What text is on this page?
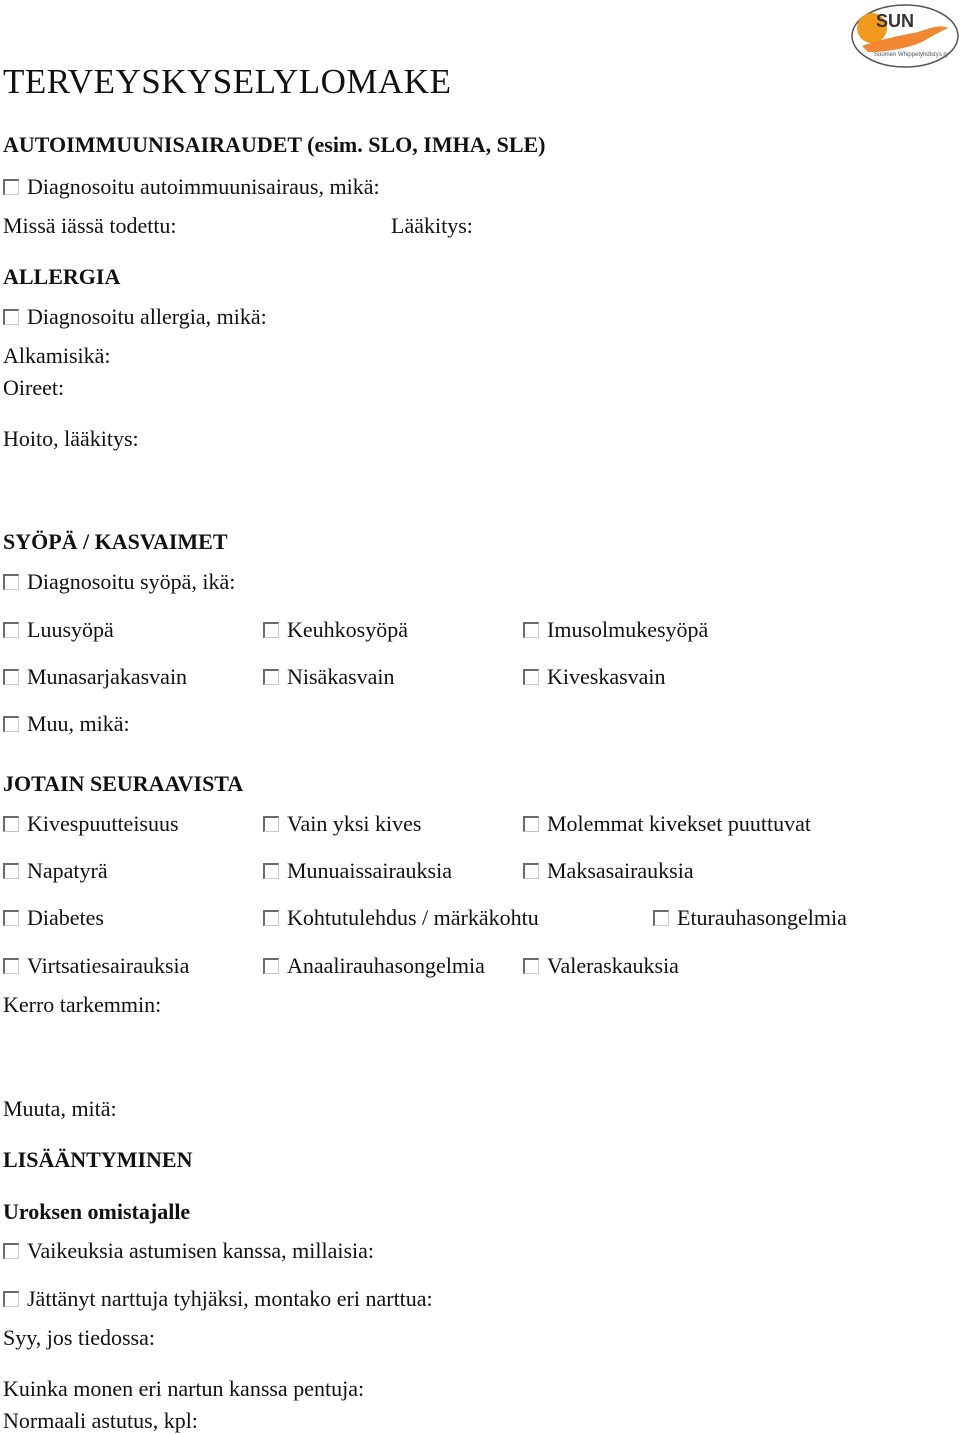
SUN
Suomen Whippetyhdistys ry
TERVEYSKYSELYLOMAKE
AUTOIMMUUNISAIRAUDET (esim. SLO, IMHA, SLE)
Diagnosoitu autoimmuunisairaus, mikä:
Missä iässä todettu:	Lääkitys:
ALLERGIA
Diagnosoitu allergia, mikä:
Alkamisikä:
Oireet:
Hoito, lääkitys:
SYÖPÄ / KASVAIMET
Diagnosoitu syöpä, ikä:
Luusyöpä	Keuhkosyöpä	Imusolmukesyöpä
Munasarjakasvain	Nisäkasvain	Kiveskasvain
Muu, mikä:
JOTAIN SEURAAVISTA
Kivespuutteisuus	Vain yksi kives	Molemmat kivekset puuttuvat
Napatyrä	Munuaissairauksia	Maksasairauksia
Diabetes	Kohtutulehdus / märkäkohtu	Eturauhasongelmia
Virtsatiesairauksia	Anaalirauhasongelmia	Valeraskauksia
Kerro tarkemmin:
Muuta, mitä:
LISÄÄNTYMINEN
Uroksen omistajalle
Vaikeuksia astumisen kanssa, millaisia:
Jättänyt narttuja tyhjäksi, montako eri narttua:
Syy, jos tiedossa:
Kuinka monen eri nartun kanssa pentuja:
Normaali astutus, kpl:
